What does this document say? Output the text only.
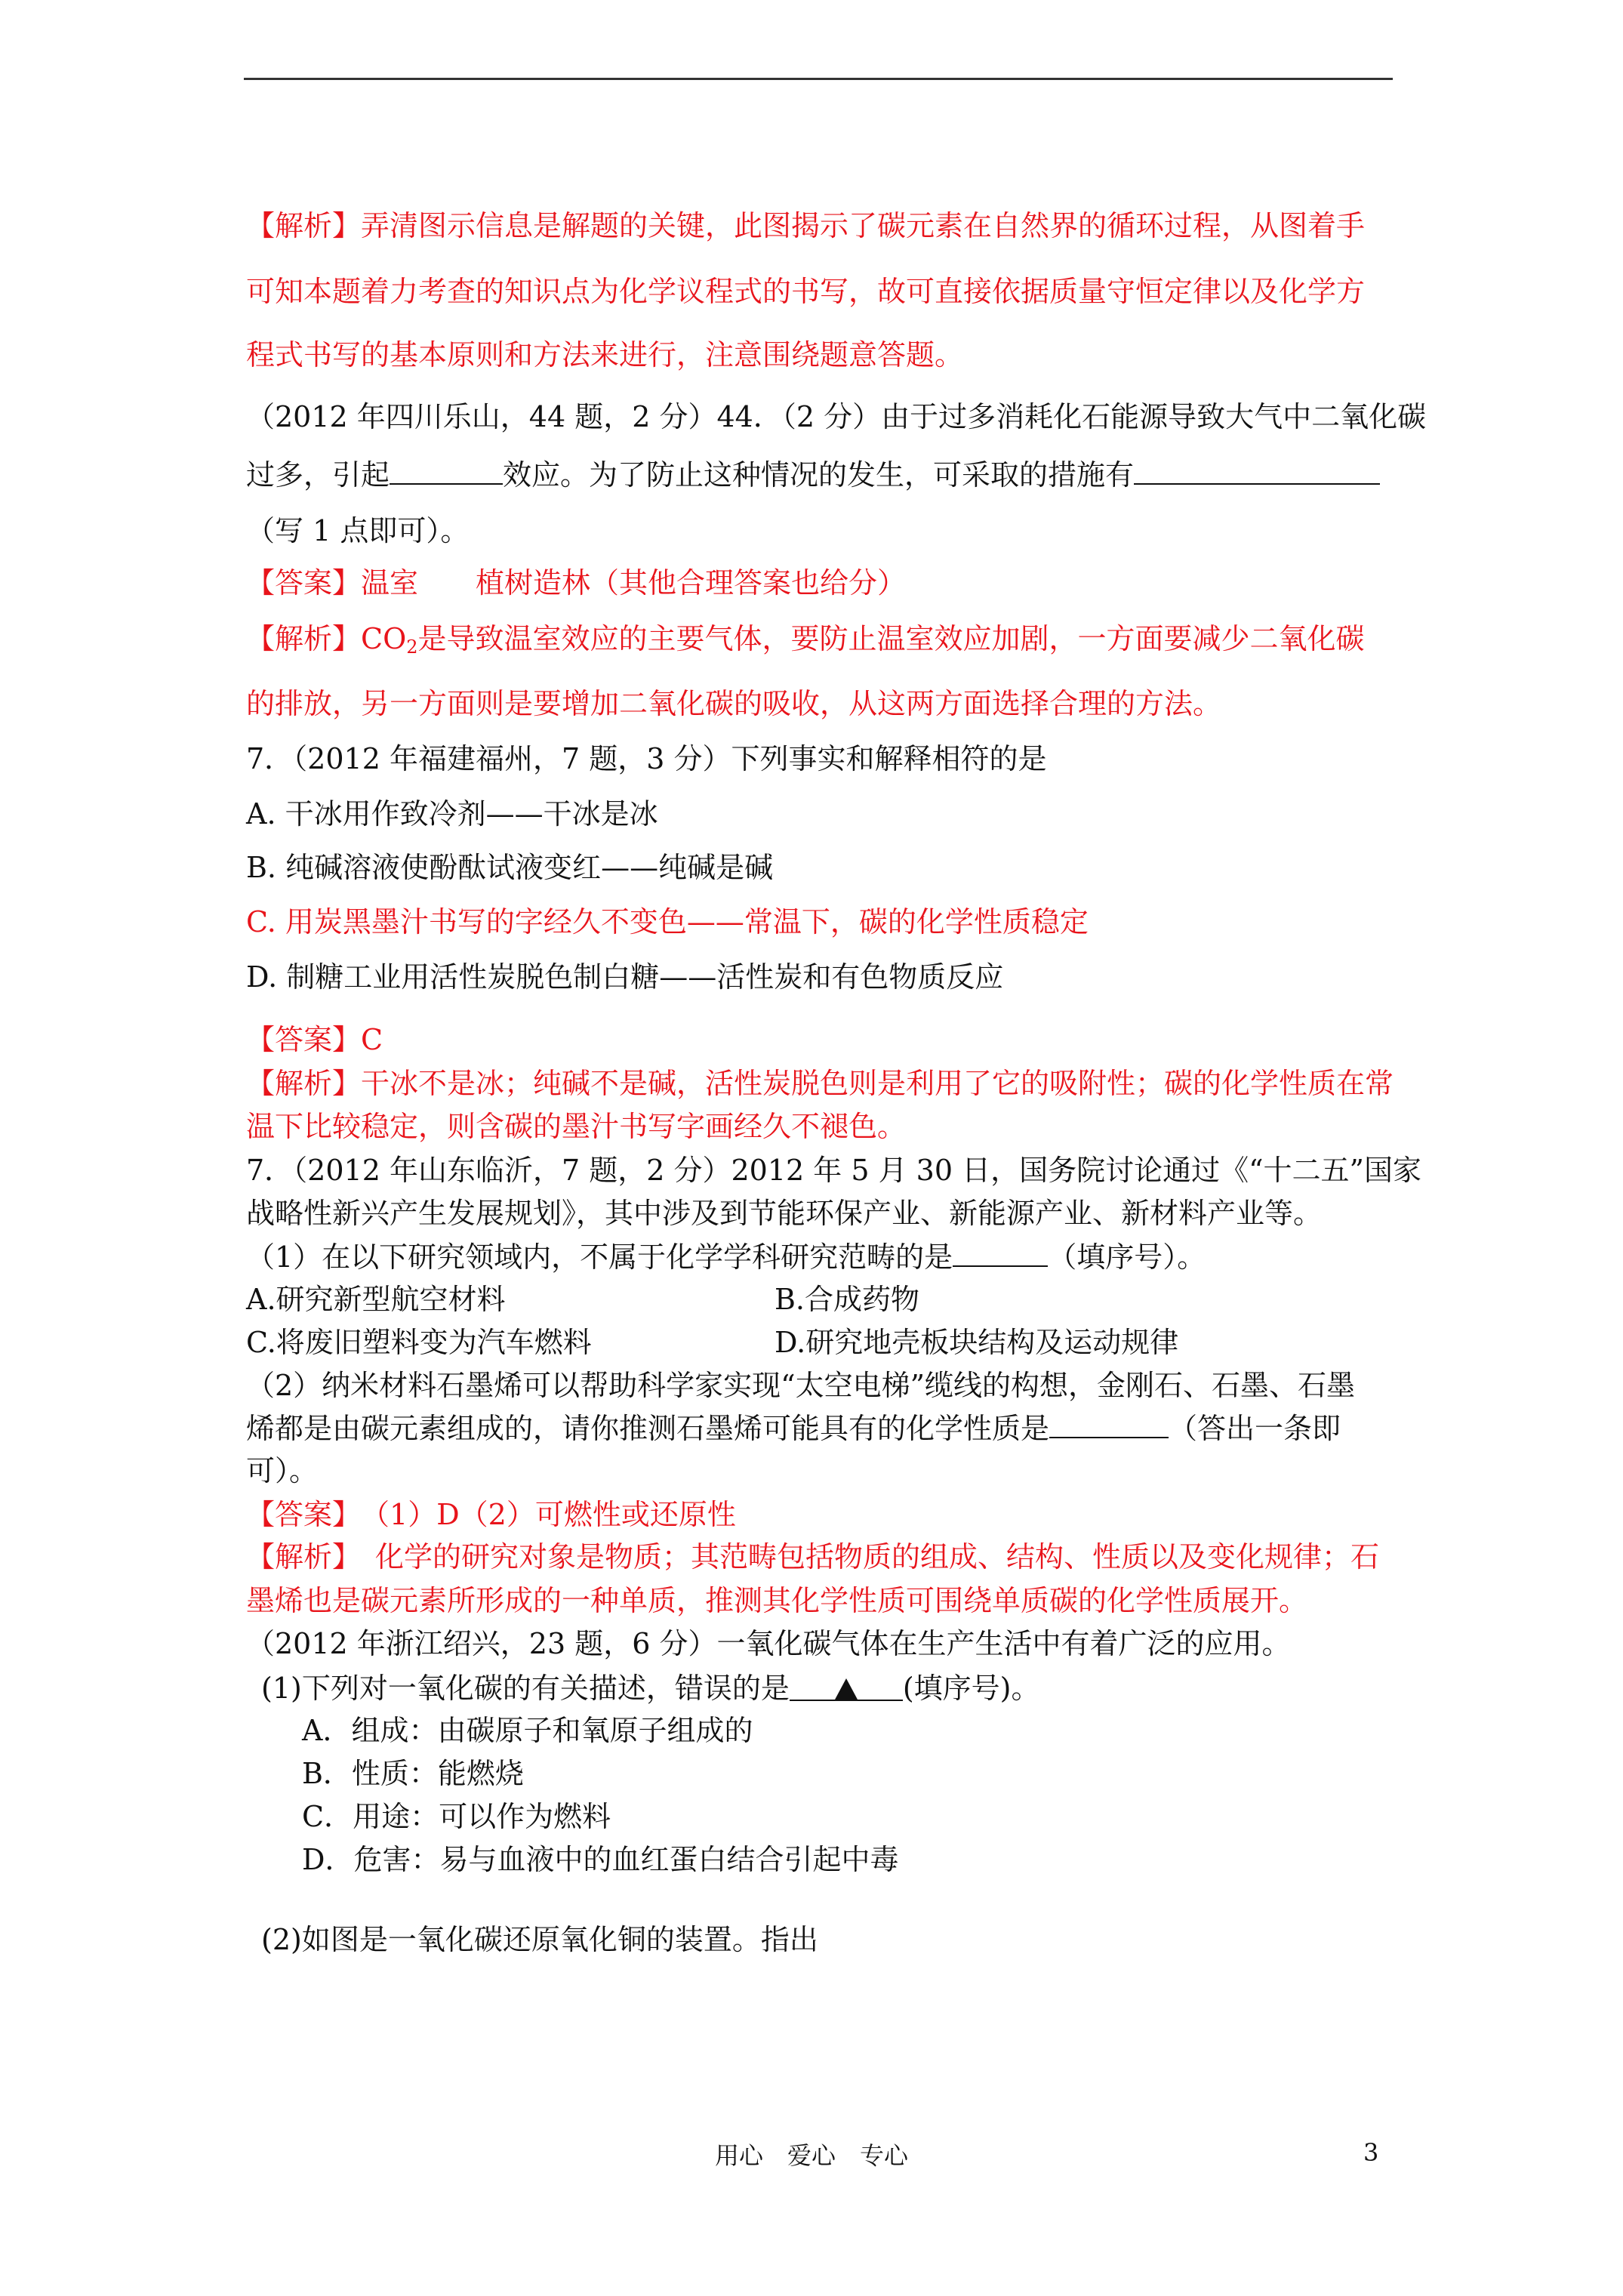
【解析】弄清图示信息是解题的关键，此图揭示了碳元素在自然界的循环过程，从图着手
可知本题着力考查的知识点为化学议程式的书写，故可直接依据质量守恒定律以及化学方
程式书写的基本原则和方法来进行，注意围绕题意答题。
（2012 年四川乐山，44 题，2 分）44．（2 分）由于过多消耗化石能源导致大气中二氧化碳
过多，引起	效应。为了防止这种情况的发生，可采取的措施有
（写 1 点即可）。
【答案】温室　　植树造林（其他合理答案也给分）
【解析】$CO_2$是导致温室效应的主要气体，要防止温室效应加剧，一方面要减少二氧化碳
的排放，另一方面则是要增加二氧化碳的吸收，从这两方面选择合理的方法。
7．（2012 年福建福州，7 题，3 分）下列事实和解释相符的是
A. 干冰用作致冷剂——干冰是冰
B. 纯碱溶液使酚酞试液变红——纯碱是碱
C. 用炭黑墨汁书写的字经久不变色——常温下，碳的化学性质稳定
D. 制糖工业用活性炭脱色制白糖——活性炭和有色物质反应
【答案】C
【解析】干冰不是冰；纯碱不是碱，活性炭脱色则是利用了它的吸附性；碳的化学性质在常
温下比较稳定，则含碳的墨汁书写字画经久不褪色。
7．（2012 年山东临沂，7 题，2 分）2012 年 5 月 30 日，国务院讨论通过《“十二五”国家
战略性新兴产生发展规划》，其中涉及到节能环保产业、新能源产业、新材料产业等。
（1）在以下研究领域内，不属于化学学科研究范畴的是	（填序号）。
A.研究新型航空材料	B.合成药物
C.将废旧塑料变为汽车燃料	D.研究地壳板块结构及运动规律
（2）纳米材料石墨烯可以帮助科学家实现“太空电梯”缆线的构想，金刚石、石墨、石墨
烯都是由碳元素组成的，请你推测石墨烯可能具有的化学性质是	（答出一条即
可）。
【答案】　（1）D（2）可燃性或还原性
【解析】　化学的研究对象是物质；其范畴包括物质的组成、结构、性质以及变化规律；石
墨烯也是碳元素所形成的一种单质，推测其化学性质可围绕单质碳的化学性质展开。
（2012 年浙江绍兴，23 题，6 分）一氧化碳气体在生产生活中有着广泛的应用。
(1)下列对一氧化碳的有关描述，错误的是	(填序号)。
A．组成：由碳原子和氧原子组成的
B．性质：能燃烧
C．用途：可以作为燃料
D．危害：易与血液中的血红蛋白结合引起中毒
(2)如图是一氧化碳还原氧化铜的装置。指出
用心　爱心　专心	3
